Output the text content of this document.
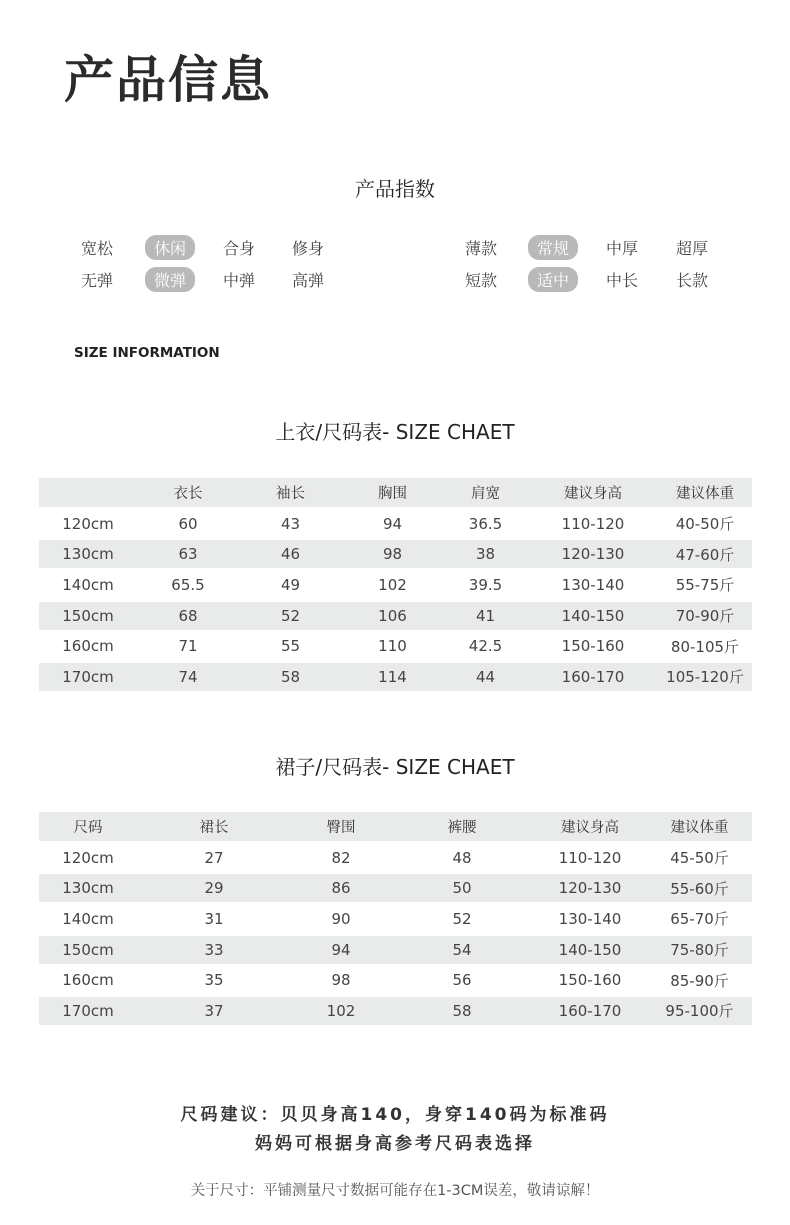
产品信息
产品指数
宽松	休闲	合身 修身
无弹	微弹	中弹 高弹
薄款	常规	中厚 超厚
短款	适中	中长 长款
SIZE INFORMATION
上衣/尺码表- SIZE CHAET
	衣长	袖长	胸围	肩宽	建议身高	建议体重
120cm	60	43	94	36.5	110-120	40-50斤
130cm	63	46	98	38	120-130	47-60斤
140cm	65.5	49	102	39.5	130-140	55-75斤
150cm	68	52	106	41	140-150	70-90斤
160cm	71	55	110	42.5	150-160	80-105斤
170cm	74	58	114	44	160-170	105-120斤
裙子/尺码表- SIZE CHAET
尺码	裙长	臀围	裤腰	建议身高	建议体重
120cm	27	82	48	110-120	45-50斤
130cm	29	86	50	120-130	55-60斤
140cm	31	90	52	130-140	65-70斤
150cm	33	94	54	140-150	75-80斤
160cm	35	98	56	150-160	85-90斤
170cm	37	102	58	160-170	95-100斤
尺码建议：贝贝身高140，身穿140码为标准码
妈妈可根据身高参考尺码表选择
关于尺寸：平铺测量尺寸数据可能存在1-3CM误差，敬请谅解！
